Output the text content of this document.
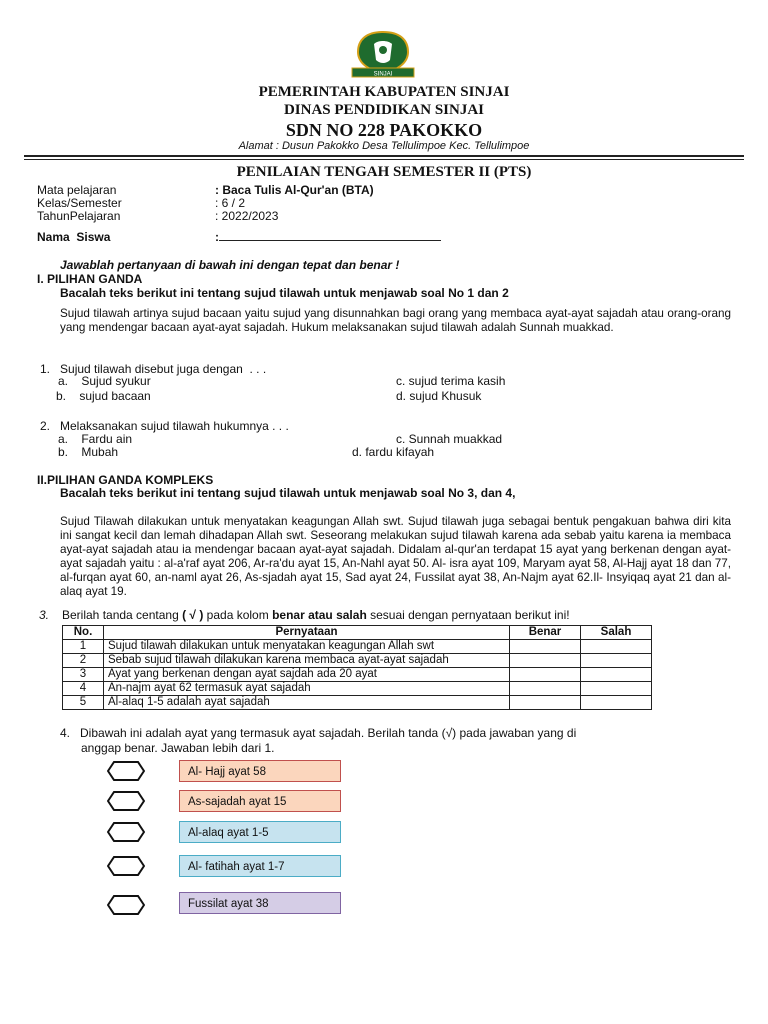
SINJAI
PEMERINTAH KABUPATEN SINJAI
DINAS PENDIDIKAN SINJAI
SDN NO 228 PAKOKKO
Alamat : Dusun Pakokko Desa Tellulimpoe Kec. Tellulimpoe
PENILAIAN TENGAH SEMESTER II (PTS)
Mata pelajaran	: Baca Tulis Al-Qur'an (BTA)
Kelas/Semester	: 6 / 2
TahunPelajaran	: 2022/2023
Nama  Siswa	:
Jawablah pertanyaan di bawah ini dengan tepat dan benar !
I. PILIHAN GANDA
Bacalah teks berikut ini tentang sujud tilawah untuk menjawab soal No 1 dan 2
Sujud tilawah artinya sujud bacaan yaitu sujud yang disunnahkan bagi orang yang membaca ayat-ayat sajadah atau orang-orang yang mendengar bacaan ayat-ayat sajadah. Hukum melaksanakan sujud tilawah adalah Sunnah muakkad.
1.   Sujud tilawah disebut juga dengan  . . .
a.    Sujud syukur	c. sujud terima kasih
b.    sujud bacaan	d. sujud Khusuk
2.   Melaksanakan sujud tilawah hukumnya . . .
a.    Fardu ain	c. Sunnah muakkad
b.    Mubah	d. fardu kifayah
II.PILIHAN GANDA KOMPLEKS
Bacalah teks berikut ini tentang sujud tilawah untuk menjawab soal No 3, dan 4,
Sujud Tilawah dilakukan untuk menyatakan keagungan Allah swt. Sujud tilawah juga sebagai bentuk pengakuan bahwa diri kita ini sangat kecil dan lemah dihadapan Allah swt. Seseorang melakukan sujud tilawah karena ada sebab yaitu karena ia membaca ayat-ayat sajadah atau ia mendengar bacaan ayat-ayat sajadah. Didalam al-qur'an terdapat 15 ayat yang berkenan dengan ayat-ayat sajadah yaitu : al-a'raf ayat 206, Ar-ra'du ayat 15, An-Nahl ayat 50. Al- isra ayat 109, Maryam ayat 58, Al-Hajj ayat 18 dan 77, al-furqan ayat 60, an-naml ayat 26, As-sjadah ayat 15, Sad ayat 24, Fussilat ayat 38, An-Najm ayat 62.Il- Insyiqaq ayat 21 dan al-alaq ayat 19.
3. Berilah tanda centang ( √ ) pada kolom benar atau salah sesuai dengan pernyataan berikut ini!
No.	Pernyataan	Benar	Salah
1	Sujud tilawah dilakukan untuk menyatakan keagungan Allah swt		
2	Sebab sujud tilawah dilakukan karena membaca ayat-ayat sajadah		
3	Ayat yang berkenan dengan ayat sajdah ada 20 ayat		
4	An-najm ayat 62 termasuk ayat sajadah		
5	Al-alaq 1-5 adalah ayat sajadah		
4.   Dibawah ini adalah ayat yang termasuk ayat sajadah. Berilah tanda (√) pada jawaban yang di
anggap benar. Jawaban lebih dari 1.
Al- Hajj ayat 58
As-sajadah ayat 15
Al-alaq ayat 1-5
Al- fatihah ayat 1-7
Fussilat ayat 38
